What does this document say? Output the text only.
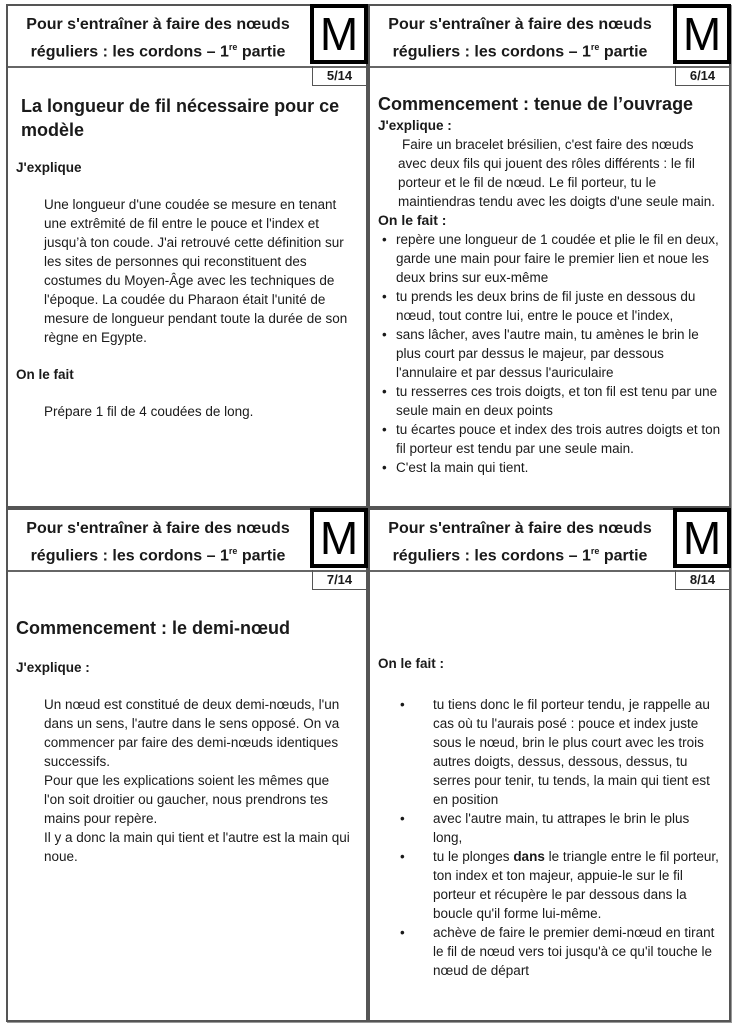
Pour s'entraîner à faire des nœuds
réguliers : les cordons – 1re partie M
5/14
La longueur de fil nécessaire pour ce modèle
J'explique
Une longueur d'une coudée se mesure en tenant une extrêmité de fil entre le pouce et l'index et jusqu’à ton coude. J'ai retrouvé cette définition sur les sites de personnes qui reconstituent des costumes du Moyen-Âge avec les techniques de l'époque. La coudée du Pharaon était l'unité de mesure de longueur pendant toute la durée de son règne en Egypte.
On le fait
Prépare 1 fil de 4 coudées de long.
Pour s'entraîner à faire des nœuds
réguliers : les cordons – 1re partie M
6/14
Commencement : tenue de l’ouvrage
J'explique :
Faire un bracelet brésilien, c'est faire des nœuds avec deux fils qui jouent des rôles différents : le fil porteur et le fil de nœud. Le fil porteur, tu le maintiendras tendu avec les doigts d'une seule main.
On le fait :
• repère une longueur de 1 coudée et plie le fil en deux, garde une main pour faire le premier lien et noue les deux brins sur eux-même
• tu prends les deux brins de fil juste en dessous du nœud, tout contre lui, entre le pouce et l'index,
• sans lâcher, aves l'autre main, tu amènes le brin le plus court par dessus le majeur, par dessous l'annulaire et par dessus l'auriculaire
• tu resserres ces trois doigts, et ton fil est tenu par une seule main en deux points
• tu écartes pouce et index des trois autres doigts et ton fil porteur est tendu par une seule main.
• C'est la main qui tient.
Pour s'entraîner à faire des nœuds
réguliers : les cordons – 1re partie M
7/14
Commencement : le demi-nœud
J'explique :
Un nœud est constitué de deux demi-nœuds, l'un dans un sens, l'autre dans le sens opposé. On va commencer par faire des demi-nœuds identiques successifs.
Pour que les explications soient les mêmes que l'on soit droitier ou gaucher, nous prendrons tes mains pour repère.
Il y a donc la main qui tient et l'autre est la main qui noue.
Pour s'entraîner à faire des nœuds
réguliers : les cordons – 1re partie M
8/14
On le fait :
• tu tiens donc le fil porteur tendu, je rappelle au cas où tu l'aurais posé : pouce et index juste sous le nœud, brin le plus court avec les trois autres doigts, dessus, dessous, dessus, tu serres pour tenir, tu tends, la main qui tient est en position
• avec l'autre main, tu attrapes le brin le plus long,
• tu le plonges dans le triangle entre le fil porteur, ton index et ton majeur, appuie-le sur le fil porteur et récupère le par dessous dans la boucle qu'il forme lui-même.
• achève de faire le premier demi-nœud en tirant le fil de nœud vers toi jusqu'à ce qu'il touche le nœud de départ
